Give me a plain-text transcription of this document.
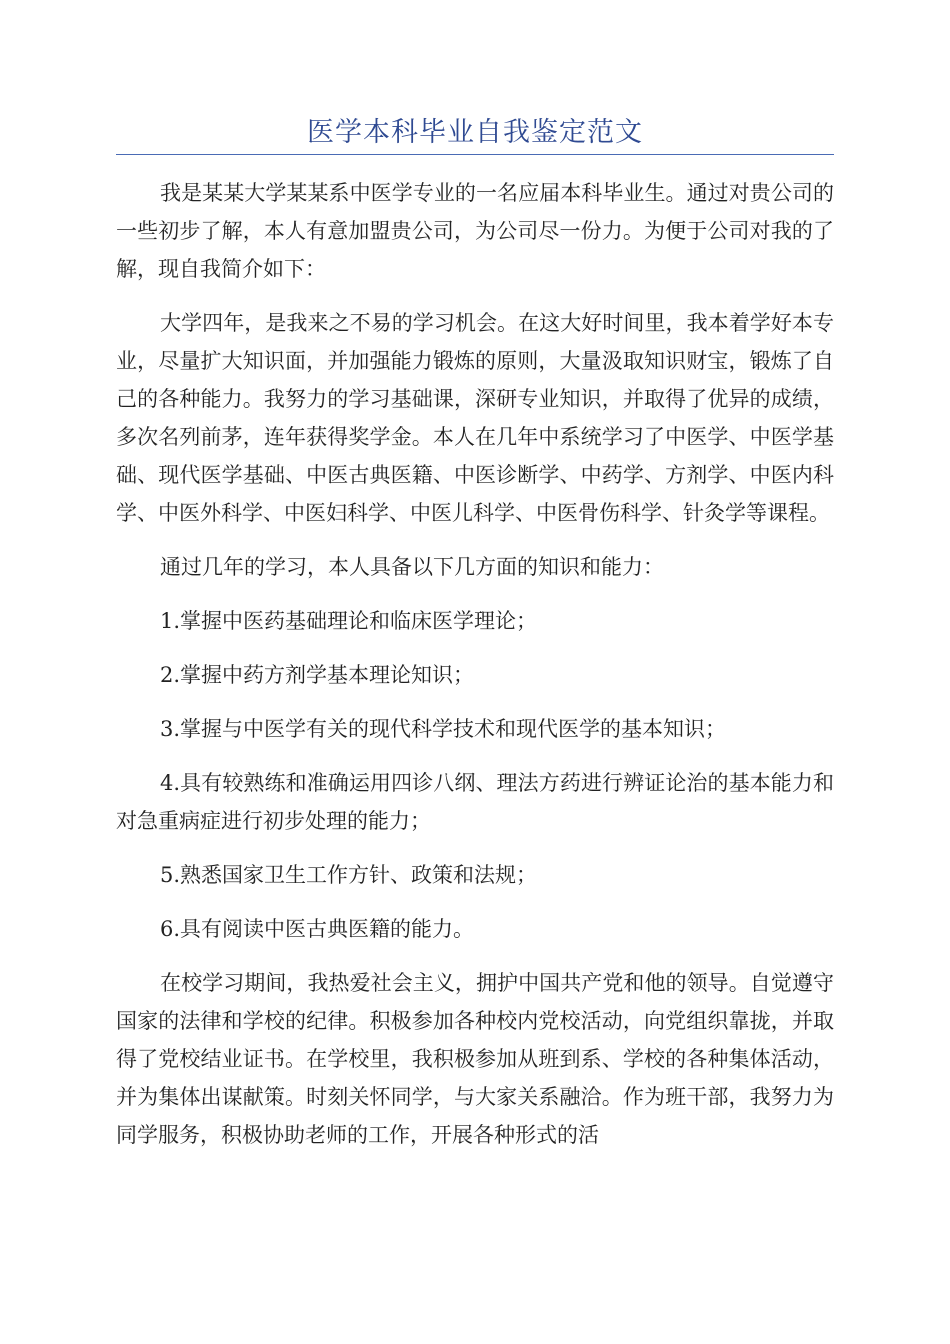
医学本科毕业自我鉴定范文

我是某某大学某某系中医学专业的一名应届本科毕业生。通过对贵公司的一些初步了解，本人有意加盟贵公司，为公司尽一份力。为便于公司对我的了解，现自我简介如下：

大学四年，是我来之不易的学习机会。在这大好时间里，我本着学好本专业，尽量扩大知识面，并加强能力锻炼的原则，大量汲取知识财宝，锻炼了自己的各种能力。我努力的学习基础课，深研专业知识，并取得了优异的成绩，多次名列前茅，连年获得奖学金。本人在几年中系统学习了中医学、中医学基础、现代医学基础、中医古典医籍、中医诊断学、中药学、方剂学、中医内科学、中医外科学、中医妇科学、中医儿科学、中医骨伤科学、针灸学等课程。

通过几年的学习，本人具备以下几方面的知识和能力：

1.掌握中医药基础理论和临床医学理论；

2.掌握中药方剂学基本理论知识；

3.掌握与中医学有关的现代科学技术和现代医学的基本知识；

4.具有较熟练和准确运用四诊八纲、理法方药进行辨证论治的基本能力和对急重病症进行初步处理的能力；

5.熟悉国家卫生工作方针、政策和法规；

6.具有阅读中医古典医籍的能力。

在校学习期间，我热爱社会主义，拥护中国共产党和他的领导。自觉遵守国家的法律和学校的纪律。积极参加各种校内党校活动，向党组织靠拢，并取得了党校结业证书。在学校里，我积极参加从班到系、学校的各种集体活动，并为集体出谋献策。时刻关怀同学，与大家关系融洽。作为班干部，我努力为同学服务，积极协助老师的工作，开展各种形式的活
